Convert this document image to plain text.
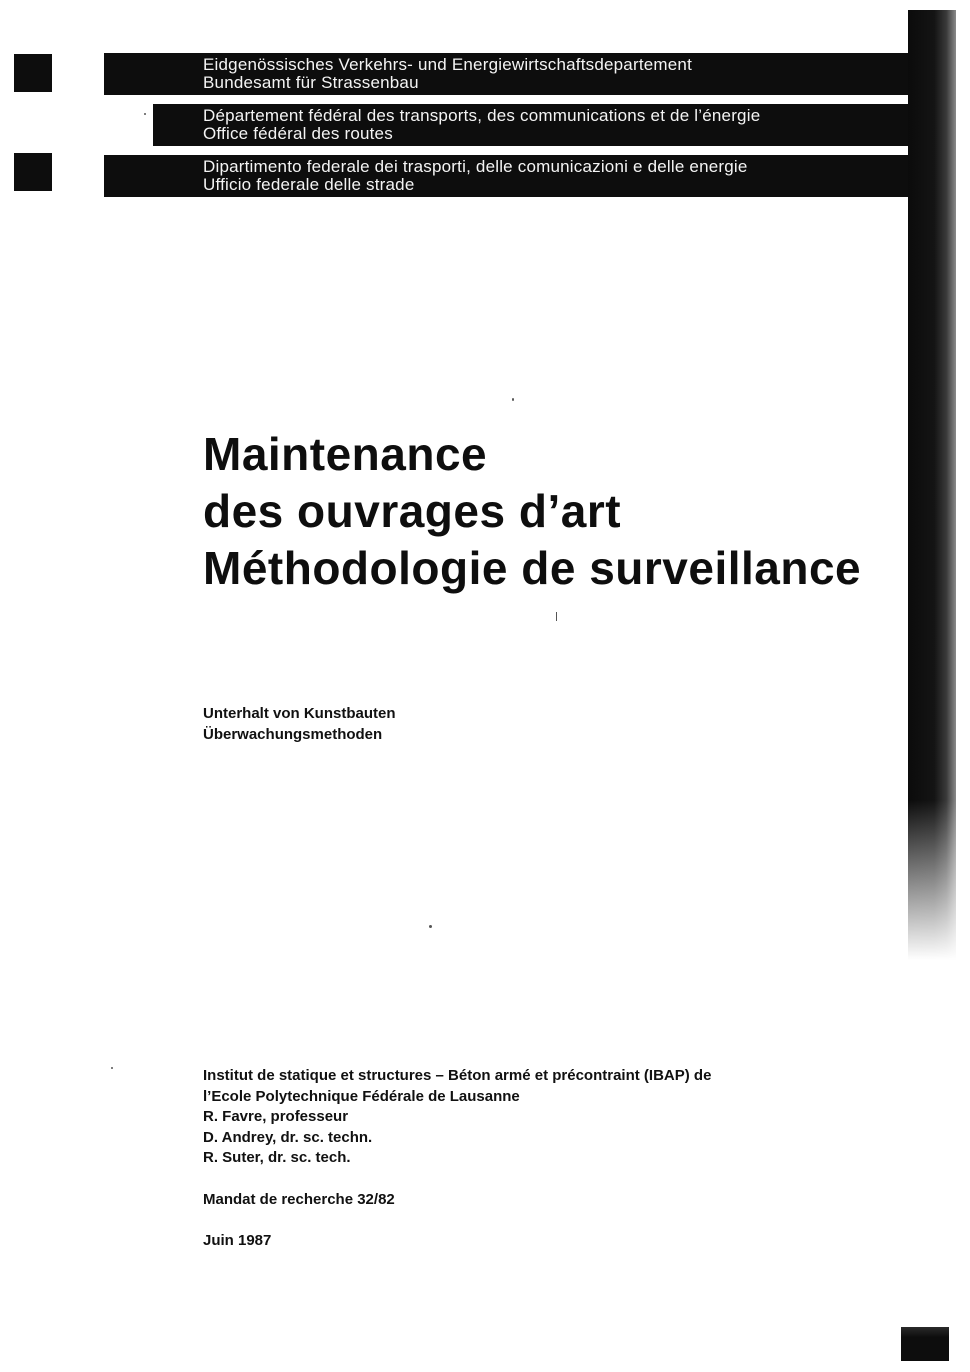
Eidgenössisches Verkehrs- und Energiewirtschaftsdepartement
Bundesamt für Strassenbau
Département fédéral des transports, des communications et de l’énergie
Office fédéral des routes
Dipartimento federale dei trasporti, delle comunicazioni e delle energie
Ufficio federale delle strade
Maintenance
des ouvrages d’art
Méthodologie de surveillance
Unterhalt von Kunstbauten
Überwachungsmethoden
Institut de statique et structures – Béton armé et précontraint (IBAP) de
l’Ecole Polytechnique Fédérale de Lausanne
R. Favre, professeur
D. Andrey, dr. sc. techn.
R. Suter, dr. sc. tech.
Mandat de recherche 32/82
Juin 1987
